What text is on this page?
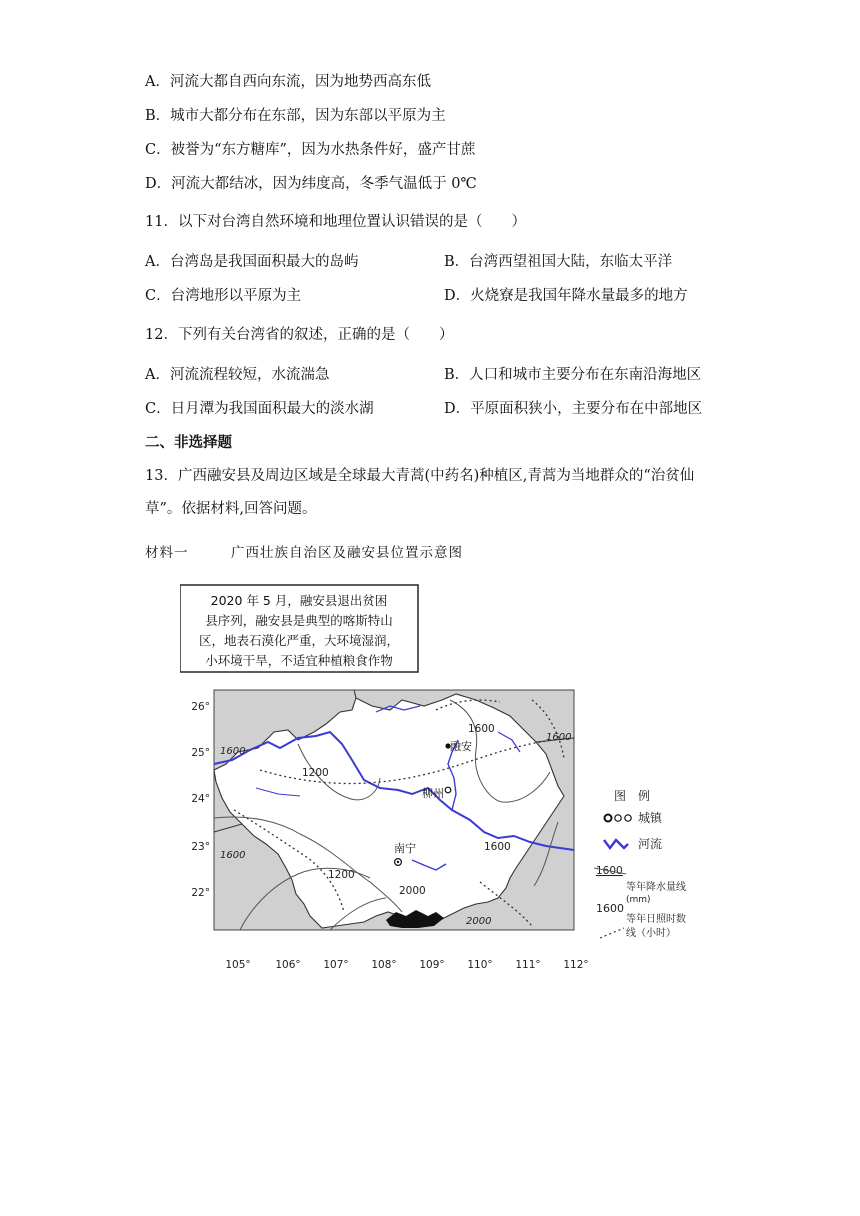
A．河流大都自西向东流，因为地势西高东低
B．城市大都分布在东部，因为东部以平原为主
C．被誉为“东方糖库”，因为水热条件好，盛产甘蔗
D．河流大都结冰，因为纬度高，冬季气温低于 0℃
11．以下对台湾自然环境和地理位置认识错误的是（　　）
A．台湾岛是我国面积最大的岛屿	B．台湾西望祖国大陆，东临太平洋
C．台湾地形以平原为主	D．火烧寮是我国年降水量最多的地方
12．下列有关台湾省的叙述，正确的是（　　）
A．河流流程较短，水流湍急	B．人口和城市主要分布在东南沿海地区
C．日月潭为我国面积最大的淡水湖	D．平原面积狭小，主要分布在中部地区
二、非选择题
13．广西融安县及周边区域是全球最大青蒿(中药名)种植区,青蒿为当地群众的“治贫仙
草”。依据材料,回答问题。
材料一	广西壮族自治区及融安县位置示意图
2020 年 5 月，融安县退出贫困
县序列，融安县是典型的喀斯特山
区，地表石漠化严重，大环境湿润，
小环境干旱，不适宜种植粮食作物
1600
1200
1600
1200
2000
1600
1600
1600
2000
融安
柳州
南宁
26°
25°
24°
23°
22°
105° 106° 107° 108° 109° 110° 111° 112°
图　例
城镇
河流
1600
等年降水量线
(mm)
1600
等年日照时数
线（小时）
